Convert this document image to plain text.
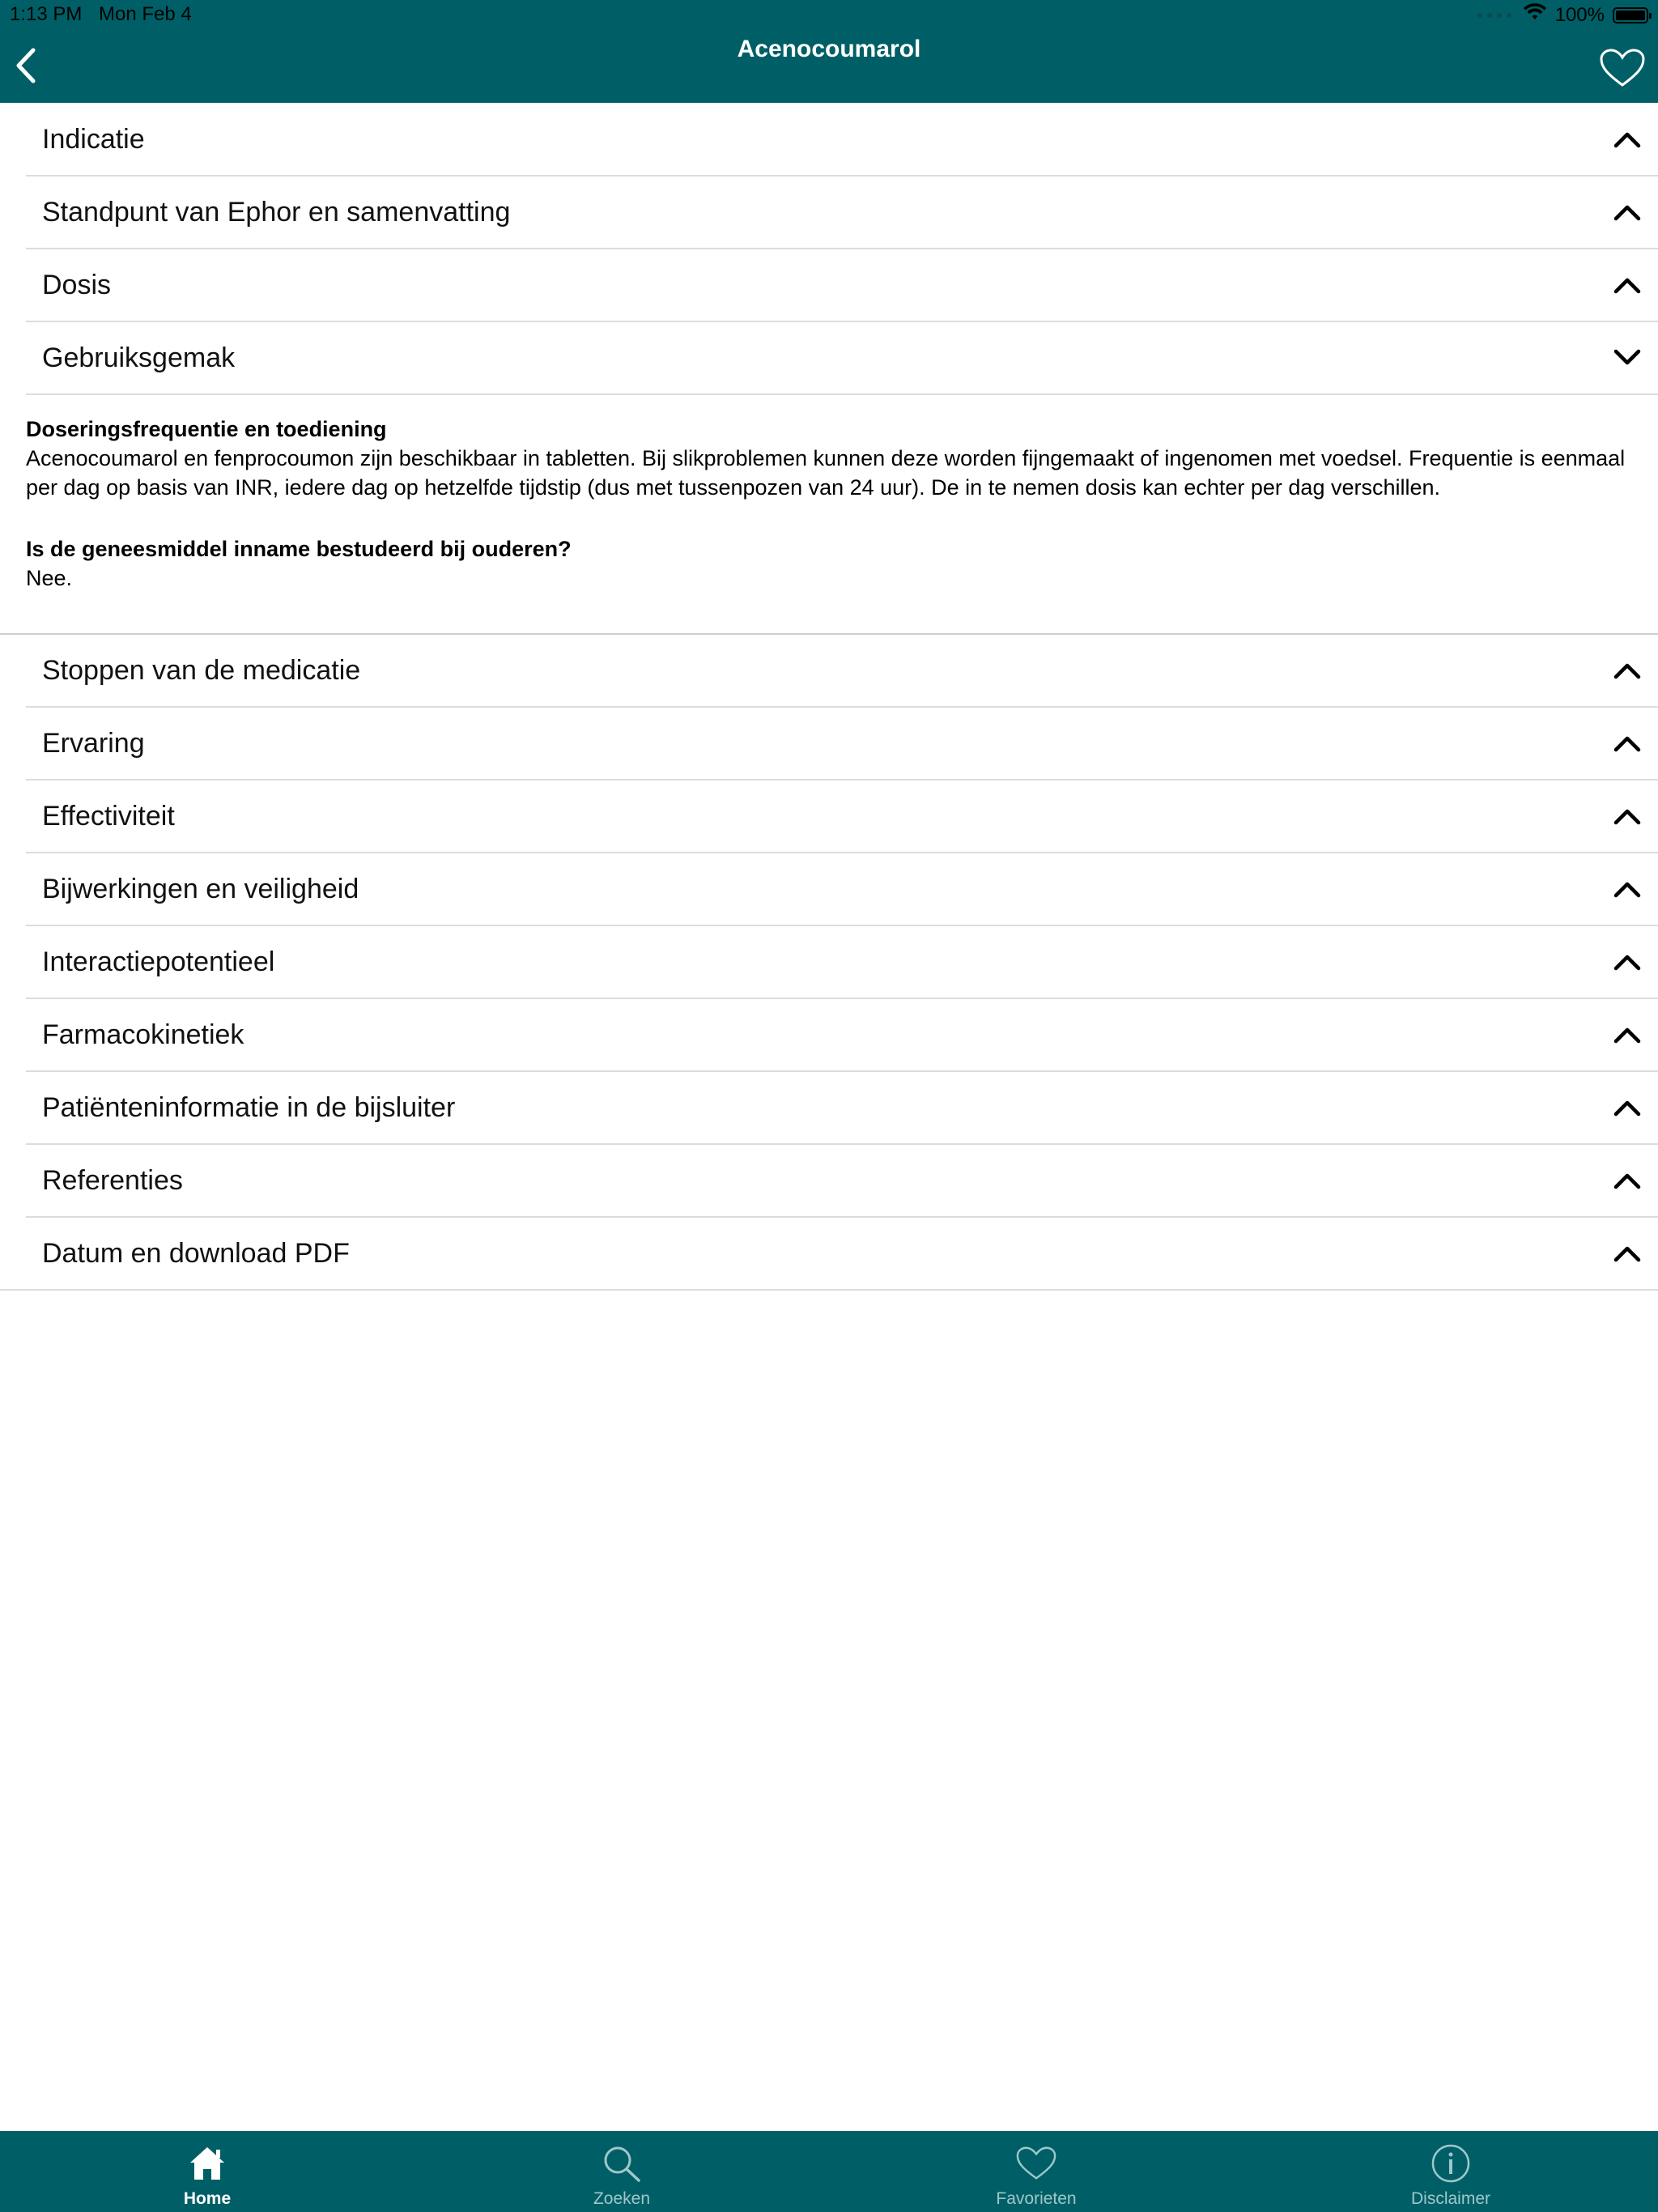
1:13 PM Mon Feb 4	100%
Acenocoumarol
Indicatie
Standpunt van Ephor en samenvatting
Dosis
Gebruiksgemak
Doseringsfrequentie en toediening
Acenocoumarol en fenprocoumon zijn beschikbaar in tabletten. Bij slikproblemen kunnen deze worden fijngemaakt of ingenomen met voedsel. Frequentie is eenmaal per dag op basis van INR, iedere dag op hetzelfde tijdstip (dus met tussenpozen van 24 uur). De in te nemen dosis kan echter per dag verschillen.
Is de geneesmiddel inname bestudeerd bij ouderen?
Nee.
Stoppen van de medicatie
Ervaring
Effectiviteit
Bijwerkingen en veiligheid
Interactiepotentieel
Farmacokinetiek
Patiënteninformatie in de bijsluiter
Referenties
Datum en download PDF
Home	Zoeken	Favorieten	Disclaimer
